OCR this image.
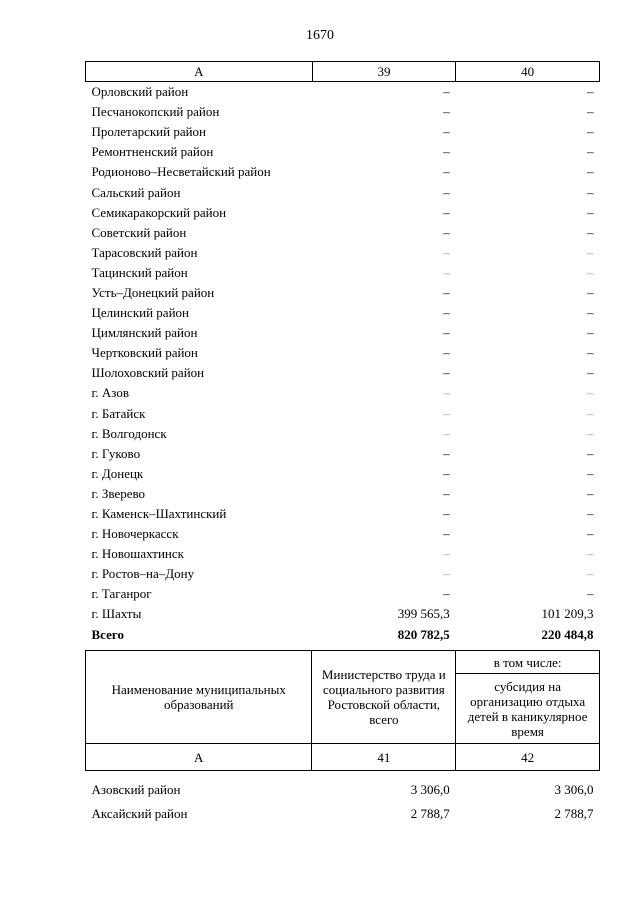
1670
А	39	40
Орловский район	–	–
Песчанокопский район	–	–
Пролетарский район	–	–
Ремонтненский район	–	–
Родионово–Несветайский район	–	–
Сальский район	–	–
Семикаракорский район	–	–
Советский район	–	–
Тарасовский район	–	–
Тацинский район	–	–
Усть–Донецкий район	–	–
Целинский район	–	–
Цимлянский район	–	–
Чертковский район	–	–
Шолоховский район	–	–
г. Азов	–	–
г. Батайск	–	–
г. Волгодонск	–	–
г. Гуково	–	–
г. Донецк	–	–
г. Зверево	–	–
г. Каменск–Шахтинский	–	–
г. Новочеркасск	–	–
г. Новошахтинск	–	–
г. Ростов–на–Дону	–	–
г. Таганрог	–	–
г. Шахты	399 565,3	101 209,3
Всего	820 782,5	220 484,8
Наименование муниципальных образований	Министерство труда и социального развития Ростовской области, всего	в том числе:
		субсидия на организацию отдыха детей в каникулярное время
А	41	42

Азовский район	3 306,0	3 306,0
Аксайский район	2 788,7	2 788,7
